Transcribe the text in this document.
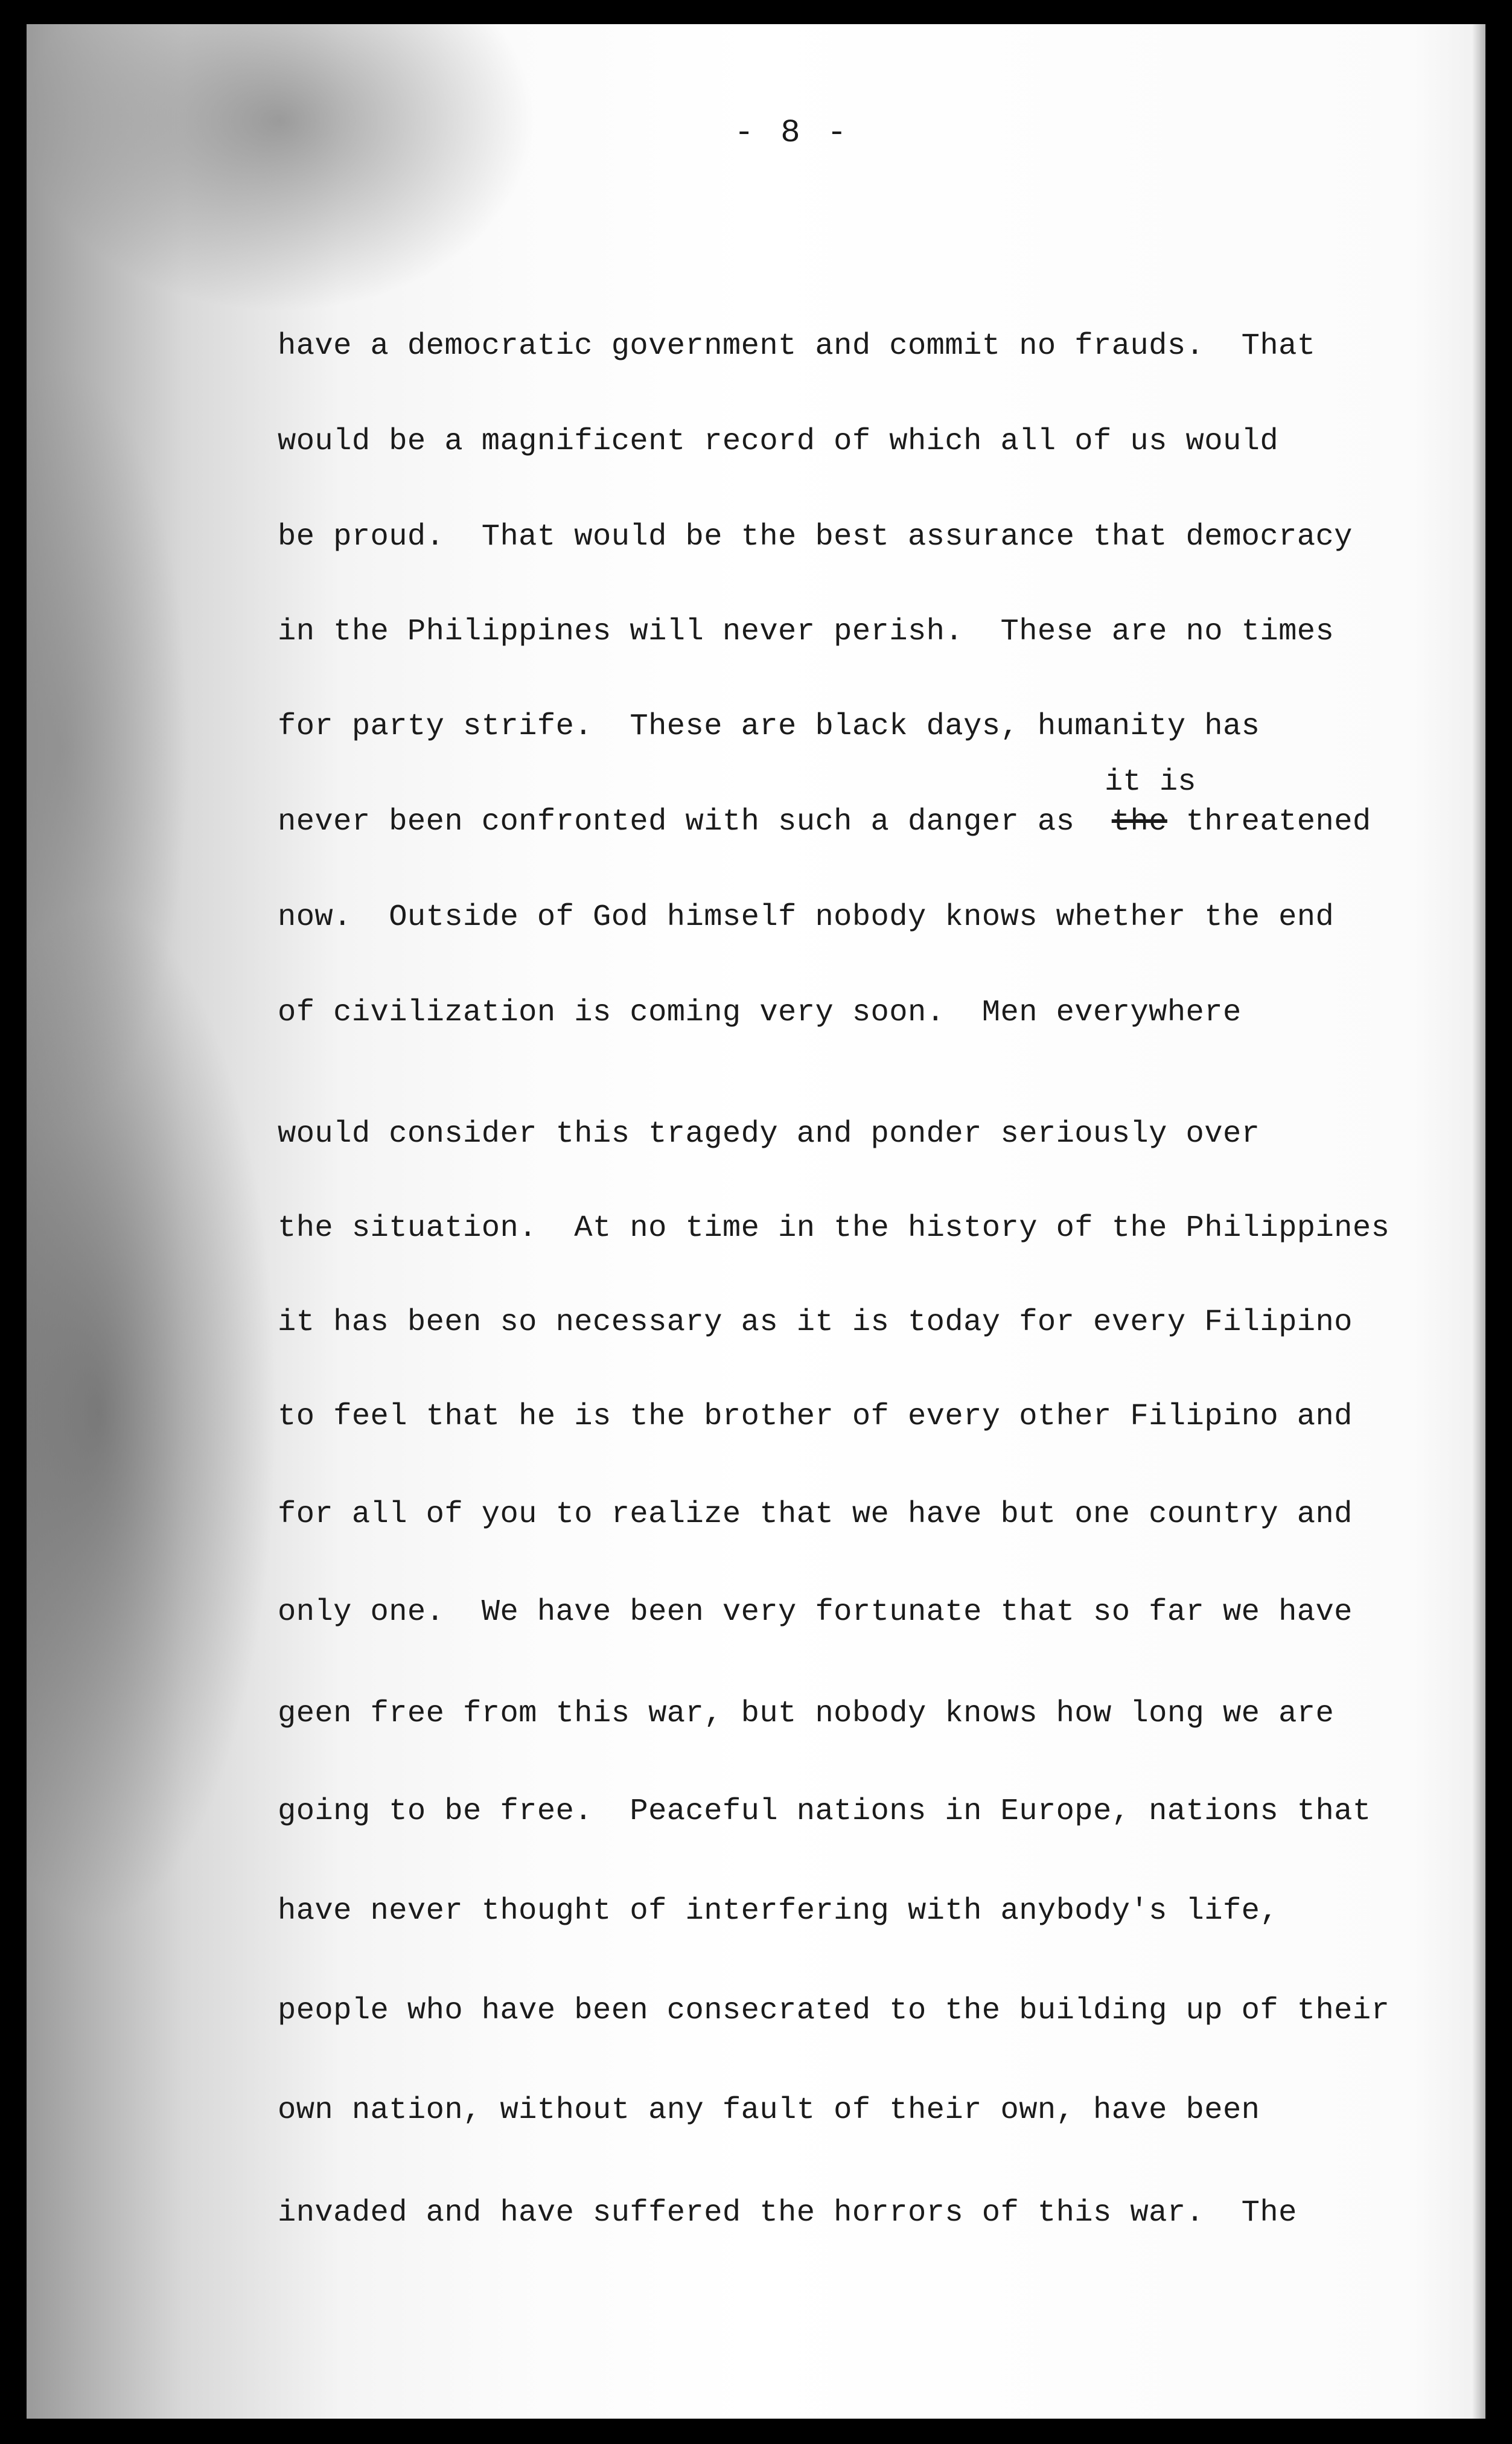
- 8 -
have a democratic government and commit no frauds.  That
would be a magnificent record of which all of us would
be proud.  That would be the best assurance that democracy
in the Philippines will never perish.  These are no times
for party strife.  These are black days, humanity has
it is
never been confronted with such a danger as  the threatened
now.  Outside of God himself nobody knows whether the end
of civilization is coming very soon.  Men everywhere
would consider this tragedy and ponder seriously over
the situation.  At no time in the history of the Philippines
it has been so necessary as it is today for every Filipino
to feel that he is the brother of every other Filipino and
for all of you to realize that we have but one country and
only one.  We have been very fortunate that so far we have
geen free from this war, but nobody knows how long we are
going to be free.  Peaceful nations in Europe, nations that
have never thought of interfering with anybody's life,
people who have been consecrated to the building up of their
own nation, without any fault of their own, have been
invaded and have suffered the horrors of this war.  The
